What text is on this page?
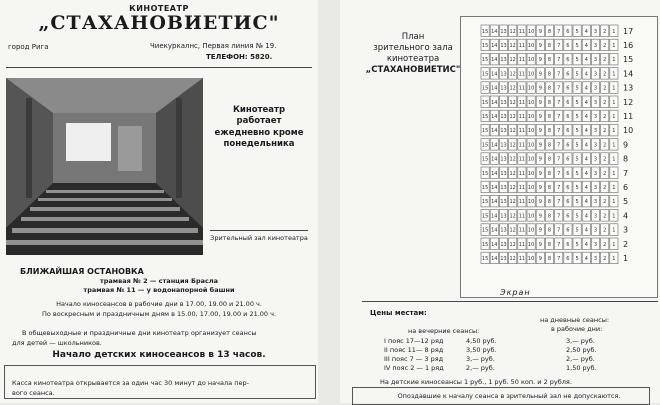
КИНОТЕАТР
„СТАХАНОВИЕТИС"
город Рига	Чиекуркалнс, Первая линия № 19.
ТЕЛЕФОН: 5820.
Кинотеатр работает ежедневно кроме понедельника
Зрительный зал кинотеатра
БЛИЖАЙШАЯ ОСТАНОВКА
трамвая № 2 — станция Брасла
трамвая № 11 — у водонапорной башни
Начало киносеансов в рабочие дни в 17.00, 19.00 и 21.00 ч.
По воскресным и праздничным дням в 15.00, 17.00, 19.00 и 21.00 ч.
В общевыходные и праздничные дни кинотеатр организует сеансы
для детей — школьников.
Начало детских киносеансов в 13 часов.
Касса кинотеатра открывается за один час 30 минут до начала пер-
вого сеанса.
План
зрительного зала
кинотеатра
„СТАХАНОВИЕТИС"
15 14 13 12 11 10 9 8 7 6 5 4 3 2 1 17
15 14 13 12 11 10 9 8 7 6 5 4 3 2 1 16
15 14 13 12 11 10 9 8 7 6 5 4 3 2 1 15
15 14 13 12 11 10 9 8 7 6 5 4 3 2 1 14
15 14 13 12 11 10 9 8 7 6 5 4 3 2 1 13
15 14 13 12 11 10 9 8 7 6 5 4 3 2 1 12
15 14 13 12 11 10 9 8 7 6 5 4 3 2 1 11
15 14 13 12 11 10 9 8 7 6 5 4 3 2 1 10
15 14 13 12 11 10 9 8 7 6 5 4 3 2 1 9
15 14 13 12 11 10 9 8 7 6 5 4 3 2 1 8
15 14 13 12 11 10 9 8 7 6 5 4 3 2 1 7
15 14 13 12 11 10 9 8 7 6 5 4 3 2 1 6
15 14 13 12 11 10 9 8 7 6 5 4 3 2 1 5
15 14 13 12 11 10 9 8 7 6 5 4 3 2 1 4
15 14 13 12 11 10 9 8 7 6 5 4 3 2 1 3
15 14 13 12 11 10 9 8 7 6 5 4 3 2 1 2
15 14 13 12 11 10 9 8 7 6 5 4 3 2 1 1
Экран
Цены местам:
на дневные сеансы:
на вечерние сеансы:	в рабочие дни:
I пояс 17—12 ряд	4,50 руб.	3,— руб.
II пояс 11— 8 ряд	3,50 руб.	2,50 руб.
III пояс 7 — 3 ряд	3,— руб.	2,— руб.
IV пояс 2 — 1 ряд	2,— руб.	1,50 руб.
На детские киносеансы 1 руб., 1 руб. 50 коп. и 2 рубля.
Опоздавшие к началу сеанса в зрительный зал не допускаются.
